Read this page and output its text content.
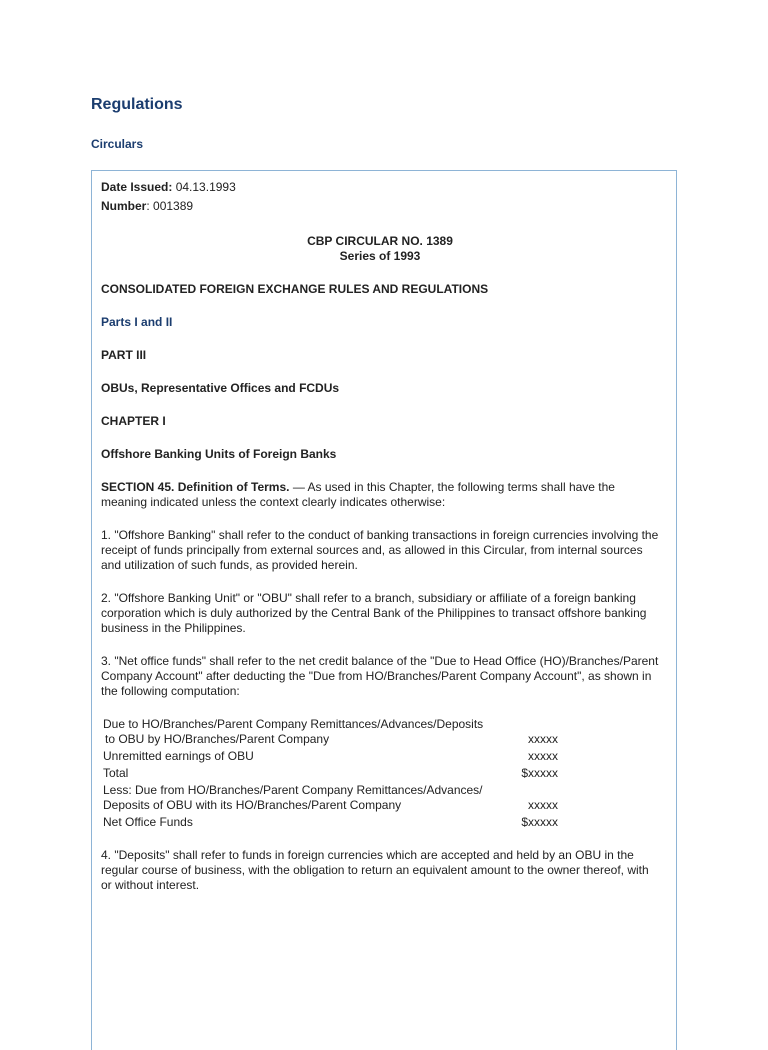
Regulations
Circulars

Date Issued: 04.13.1993

Number: 001389

CBP CIRCULAR NO. 1389

Series of 1993

CONSOLIDATED FOREIGN EXCHANGE RULES AND REGULATIONS

Parts I and II

PART III

OBUs, Representative Offices and FCDUs

CHAPTER I

Offshore Banking Units of Foreign Banks

SECTION 45. Definition of Terms. — As used in this Chapter, the following terms shall have the meaning indicated unless the context clearly indicates otherwise:

1. "Offshore Banking" shall refer to the conduct of banking transactions in foreign currencies involving the receipt of funds principally from external sources and, as allowed in this Circular, from internal sources and utilization of such funds, as provided herein.

2. "Offshore Banking Unit" or "OBU" shall refer to a branch, subsidiary or affiliate of a foreign banking corporation which is duly authorized by the Central Bank of the Philippines to transact offshore banking business in the Philippines.

3. "Net office funds" shall refer to the net credit balance of the "Due to Head Office (HO)/Branches/Parent Company Account" after deducting the "Due from HO/Branches/Parent Company Account", as shown in the following computation:

Due to HO/Branches/Parent Company Remittances/Advances/Deposits
to OBU by HO/Branches/Parent Company	xxxxx
Unremitted earnings of OBU	xxxxx
Total	$xxxxx
Less: Due from HO/Branches/Parent Company Remittances/Advances/
Deposits of OBU with its HO/Branches/Parent Company	xxxxx
Net Office Funds	$xxxxx

4. "Deposits" shall refer to funds in foreign currencies which are accepted and held by an OBU in the regular course of business, with the obligation to return an equivalent amount to the owner thereof, with or without interest.
